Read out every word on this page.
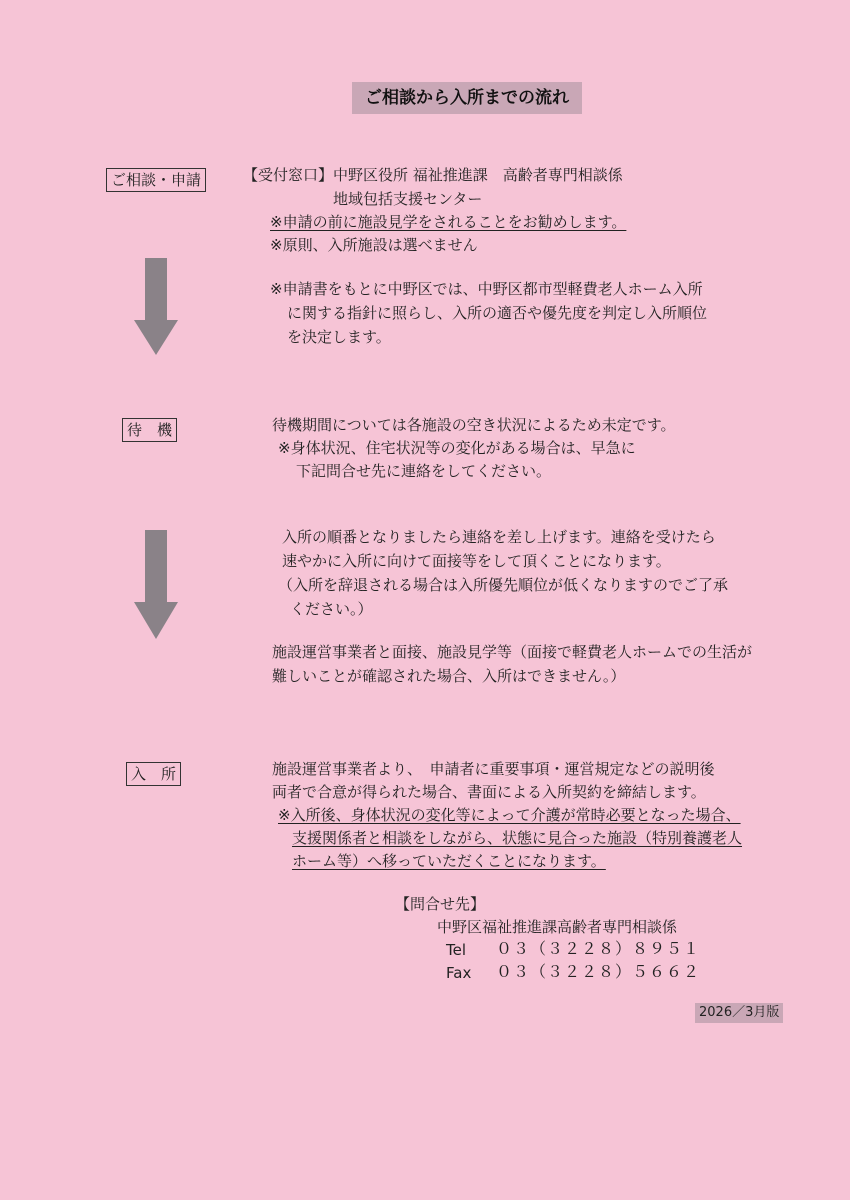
ご相談から入所までの流れ
ご相談・申請	【受付窓口】中野区役所 福祉推進課　高齢者専門相談係
地域包括支援センター
※申請の前に施設見学をされることをお勧めします。
※原則、入所施設は選べません
※申請書をもとに中野区では、中野区都市型軽費老人ホーム入所
に関する指針に照らし、入所の適否や優先度を判定し入所順位
を決定します。
待　機	待機期間については各施設の空き状況によるため未定です。
※身体状況、住宅状況等の変化がある場合は、早急に
下記問合せ先に連絡をしてください。
入所の順番となりましたら連絡を差し上げます。連絡を受けたら
速やかに入所に向けて面接等をして頂くことになります。
（入所を辞退される場合は入所優先順位が低くなりますのでご了承
ください。）
施設運営事業者と面接、施設見学等（面接で軽費老人ホームでの生活が
難しいことが確認された場合、入所はできません。）
入　所	施設運営事業者より、　申請者に重要事項・運営規定などの説明後
両者で合意が得られた場合、書面による入所契約を締結します。
※入所後、身体状況の変化等によって介護が常時必要となった場合、
支援関係者と相談をしながら、状態に見合った施設（特別養護老人
ホーム等）へ移っていただくことになります。
【問合せ先】
中野区福祉推進課高齢者専門相談係
Tel ０３（３２２８）８９５１
Fax ０３（３２２８）５６６２
2026／3月版
